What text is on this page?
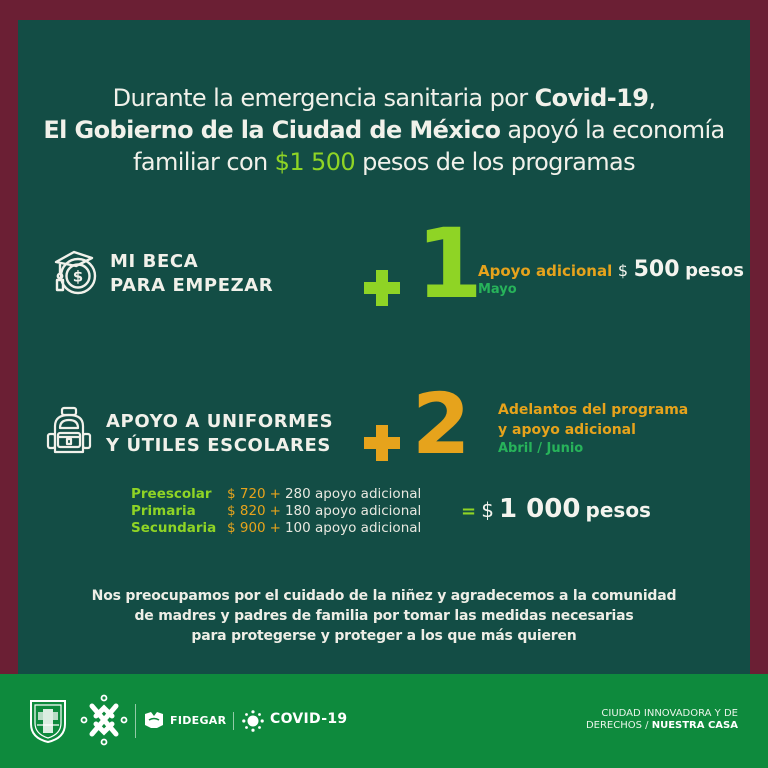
Durante la emergencia sanitaria por Covid-19,
El Gobierno de la Ciudad de México apoyó la economía
familiar con $1 500 pesos de los programas
$
MI BECA
PARA EMPEZAR 1
Apoyo adicional $ 500 pesos
Mayo
APOYO A UNIFORMES
Y ÚTILES ESCOLARES 2 Adelantos del programa
y apoyo adicional
Abril / Junio
Preescolar	$ 720 + 280 apoyo adicional
Primaria	$ 820 + 180 apoyo adicional
Secundaria $ 900 + 100 apoyo adicional
= $ 1 000 pesos
Nos preocupamos por el cuidado de la niñez y agradecemos a la comunidad
de madres y padres de familia por tomar las medidas necesarias
para protegerse y proteger a los que más quieren
FIDEGAR	COVID-19	CIUDAD INNOVADORA Y DE
DERECHOS / NUESTRA CASA
